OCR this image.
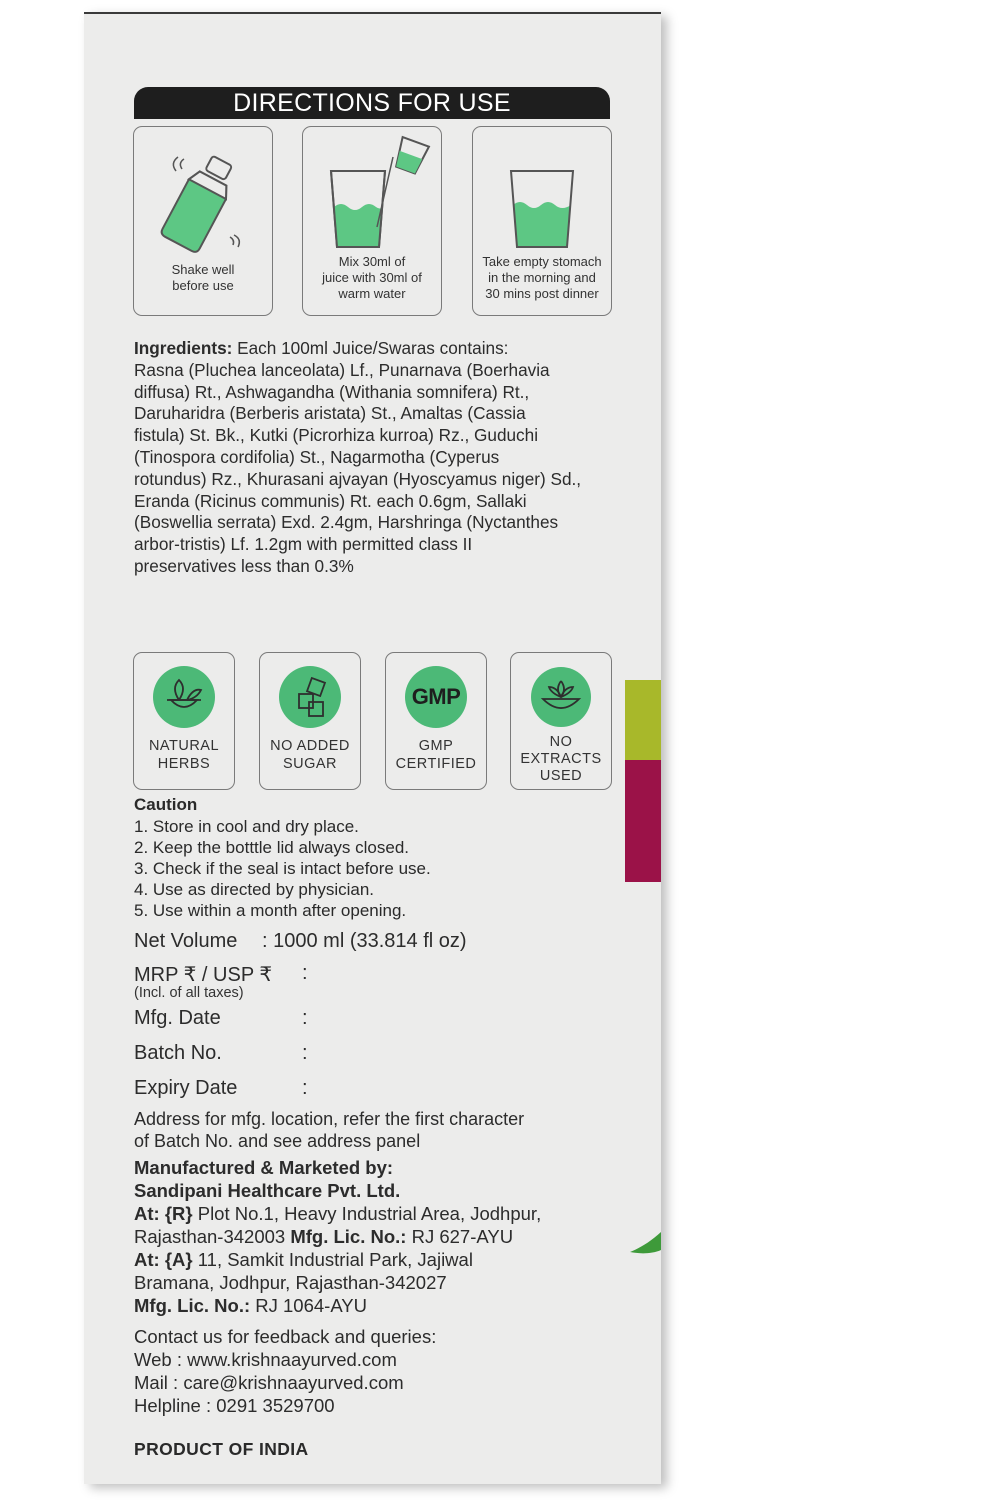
DIRECTIONS FOR USE
Shake well
before use
Mix 30ml of
juice with 30ml of
warm water
Take empty stomach
in the morning and
30 mins post dinner
Ingredients: Each 100ml Juice/Swaras contains:
Rasna (Pluchea lanceolata) Lf., Punarnava (Boerhavia
diffusa) Rt., Ashwagandha (Withania somnifera) Rt.,
Daruharidra (Berberis aristata) St., Amaltas (Cassia
fistula) St. Bk., Kutki (Picrorhiza kurroa) Rz., Guduchi
(Tinospora cordifolia) St., Nagarmotha (Cyperus
rotundus) Rz., Khurasani ajvayan (Hyoscyamus niger) Sd.,
Eranda (Ricinus communis) Rt. each 0.6gm, Sallaki
(Boswellia serrata) Exd. 2.4gm, Harshringa (Nyctanthes
arbor-tristis) Lf. 1.2gm with permitted class II
preservatives less than 0.3%
NATURAL
HERBS
NO ADDED
SUGAR
GMP
GMP
CERTIFIED
NO
EXTRACTS
USED
Caution
1. Store in cool and dry place.
2. Keep the botttle lid always closed.
3. Check if the seal is intact before use.
4. Use as directed by physician.
5. Use within a month after opening.
Net Volume : 1000 ml (33.814 fl oz)
MRP ₹ / USP ₹ :
(Incl. of all taxes)
Mfg. Date	:
Batch No.	:
Expiry Date	:
Address for mfg. location, refer the first character
of Batch No. and see address panel
Manufactured & Marketed by:
Sandipani Healthcare Pvt. Ltd.
At: {R} Plot No.1, Heavy Industrial Area, Jodhpur,
Rajasthan-342003 Mfg. Lic. No.: RJ 627-AYU
At: {A} 11, Samkit Industrial Park, Jajiwal
Bramana, Jodhpur, Rajasthan-342027
Mfg. Lic. No.: RJ 1064-AYU
Contact us for feedback and queries:
Web : www.krishnaayurved.com
Mail : care@krishnaayurved.com
Helpline : 0291 3529700
PRODUCT OF INDIA
